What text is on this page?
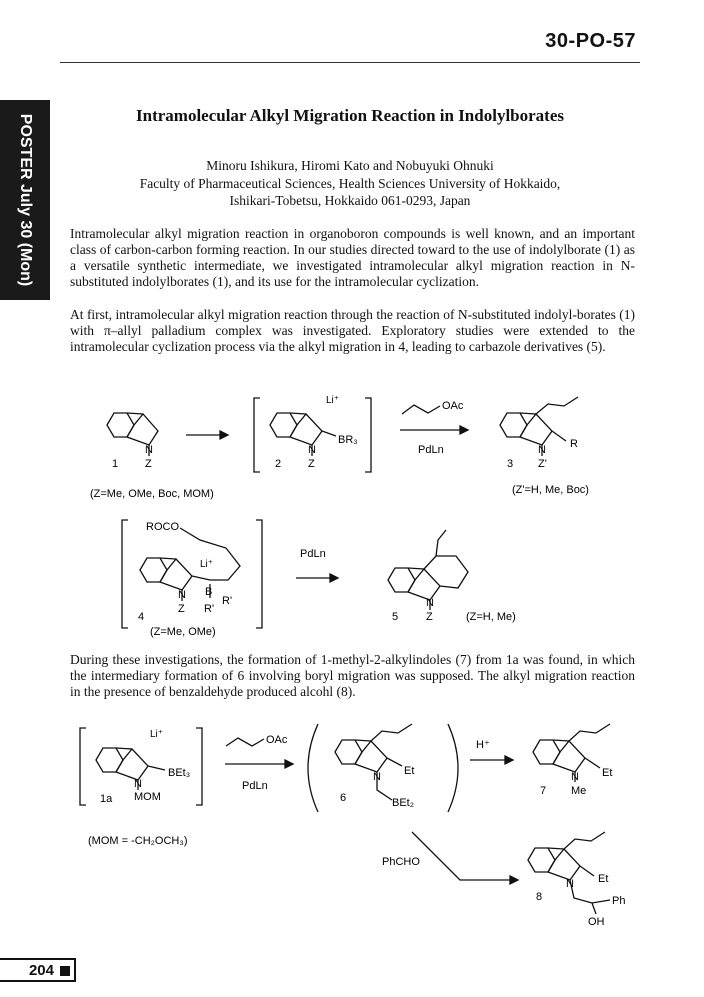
30-PO-57
POSTER July 30 (Mon)	Intramolecular Alkyl Migration Reaction in Indolylborates
Minoru Ishikura, Hiromi Kato and Nobuyuki Ohnuki
Faculty of Pharmaceutical Sciences, Health Sciences University of Hokkaido,
Ishikari-Tobetsu, Hokkaido 061-0293, Japan
Intramolecular alkyl migration reaction in organoboron compounds is well known, and an important class of carbon-carbon forming reaction. In our studies directed toward to the use of indolylborate (1) as a versatile synthetic intermediate, we investigated intramolecular alkyl migration reaction in N-substituted indolylborates (1), and its use for the intramolecular cyclization.
At first, intramolecular alkyl migration reaction through the reaction of N-substituted indolyl-borates (1) with π–allyl palladium complex was investigated. Exploratory studies were extended to the intramolecular cyclization process via the alkyl migration in 4, leading to carbazole derivatives (5).
N
Z
1
Li⁺
BR₃
N
Z
2
OAc
PdLn	R
N
Z'
3
(Z=Me, OMe, Boc, MOM)	(Z'=H, Me, Boc)
ROCO
Li⁺
B
R'
R'
N
Z
4
(Z=Me, OMe)
PdLn
N
Z
5	(Z=H, Me)
Li⁺
BEt₃
N
MOM
1a
(MOM = -CH₂OCH₃)
OAc
PdLn
Et
N
BEt₂
6
H⁺
Et
N
Me
7
PhCHO
Et
N
Ph
OH
8
During these investigations, the formation of 1-methyl-2-alkylindoles (7) from 1a was found, in which the intermediary formation of 6 involving boryl migration was supposed. The alkyl migration reaction in the presence of benzaldehyde produced alcohl (8).
204
